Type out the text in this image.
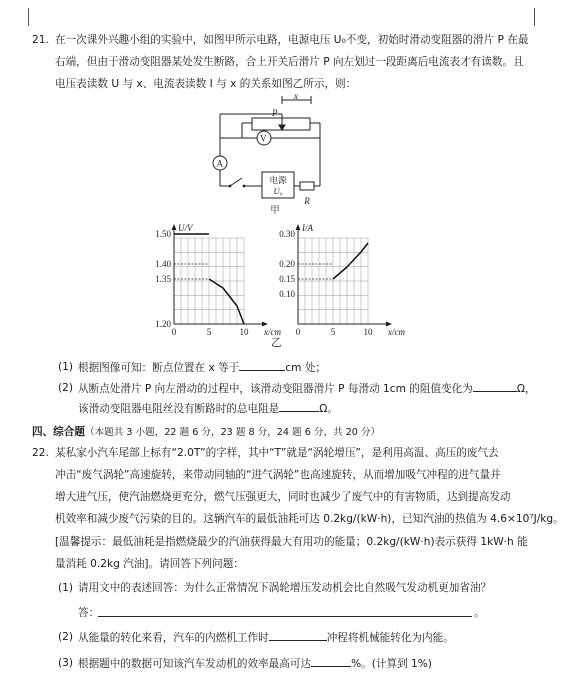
21. 在一次课外兴趣小组的实验中，如图甲所示电路，电源电压 U₀不变，初始时滑动变阻器的滑片 P 在最
右端，但由于滑动变阻器某处发生断路，合上开关后滑片 P 向左划过一段距离后电流表才有读数。且
电压表读数 U 与 x、电流表读数 I 与 x 的关系如图乙所示，则：
x
P
V
A
电源
U₀
R
甲
U/V
x/cm
0	5	10
1.20
1.35
1.40
1.50
I/A
x/cm
0	5	10
0.10
0.15
0.20
0.30
乙
(1) 根据图像可知：断点位置在 x 等于	cm 处；
(2) 从断点处滑片 P 向左滑动的过程中，该滑动变阻器滑片 P 每滑动 1cm 的阻值变化为	Ω，
该滑动变阻器电阻丝没有断路时的总电阻是	Ω。
四、综合题（本题共 3 小题，22 题 6 分，23 题 8 分，24 题 6 分，共 20 分）
22. 某私家小汽车尾部上标有“2.0T”的字样，其中“T”就是“涡轮增压”，是利用高温、高压的废气去
冲击“废气涡轮”高速旋转，来带动同轴的“进气涡轮”也高速旋转，从而增加吸气冲程的进气量并
增大进气压，使汽油燃烧更充分，燃气压强更大，同时也减少了废气中的有害物质，达到提高发动
机效率和减少废气污染的目的。这辆汽车的最低油耗可达 0.2kg/(kW·h)，已知汽油的热值为 4.6×10⁷J/kg。
[温馨提示：最低油耗是指燃烧最少的汽油获得最大有用功的能量；0.2kg/(kW·h)表示获得 1kW·h 能
量消耗 0.2kg 汽油]。请回答下列问题：
(1) 请用文中的表述回答：为什么正常情况下涡轮增压发动机会比自然吸气发动机更加省油？
答：	。
(2) 从能量的转化来看，汽车的内燃机工作时	冲程将机械能转化为内能。
(3) 根据题中的数据可知该汽车发动机的效率最高可达	%。(计算到 1%)
